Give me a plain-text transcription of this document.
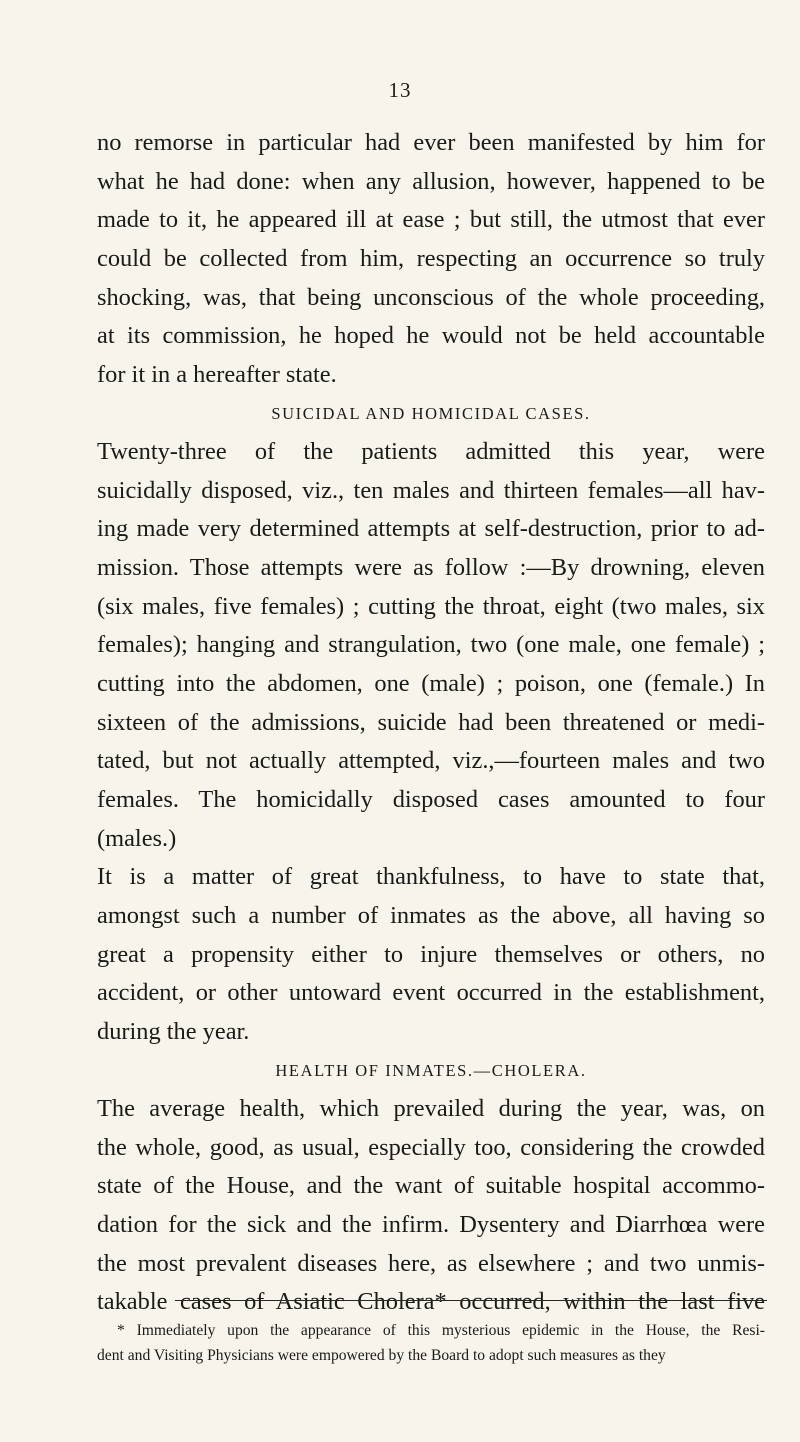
13
no remorse in particular had ever been manifested by him for
what he had done: when any allusion, however, happened to be
made to it, he appeared ill at ease ; but still, the utmost that ever
could be collected from him, respecting an occurrence so truly
shocking, was, that being unconscious of the whole proceeding,
at its commission, he hoped he would not be held accountable
for it in a hereafter state.
SUICIDAL AND HOMICIDAL CASES.
Twenty-three of the patients admitted this year, were
suicidally disposed, viz., ten males and thirteen females—all hav-
ing made very determined attempts at self-destruction, prior to ad-
mission. Those attempts were as follow :—By drowning, eleven
(six males, five females) ; cutting the throat, eight (two males, six
females); hanging and strangulation, two (one male, one female) ;
cutting into the abdomen, one (male) ; poison, one (female.) In
sixteen of the admissions, suicide had been threatened or medi-
tated, but not actually attempted, viz.,—fourteen males and two
females. The homicidally disposed cases amounted to four
(males.)
It is a matter of great thankfulness, to have to state that,
amongst such a number of inmates as the above, all having so
great a propensity either to injure themselves or others, no
accident, or other untoward event occurred in the establishment,
during the year.
HEALTH OF INMATES.—CHOLERA.
The average health, which prevailed during the year, was, on
the whole, good, as usual, especially too, considering the crowded
state of the House, and the want of suitable hospital accommo-
dation for the sick and the infirm. Dysentery and Diarrhœa were
the most prevalent diseases here, as elsewhere ; and two unmis-
takable cases of Asiatic Cholera* occurred, within the last five
* Immediately upon the appearance of this mysterious epidemic in the House, the Resi-
dent and Visiting Physicians were empowered by the Board to adopt such measures as they
